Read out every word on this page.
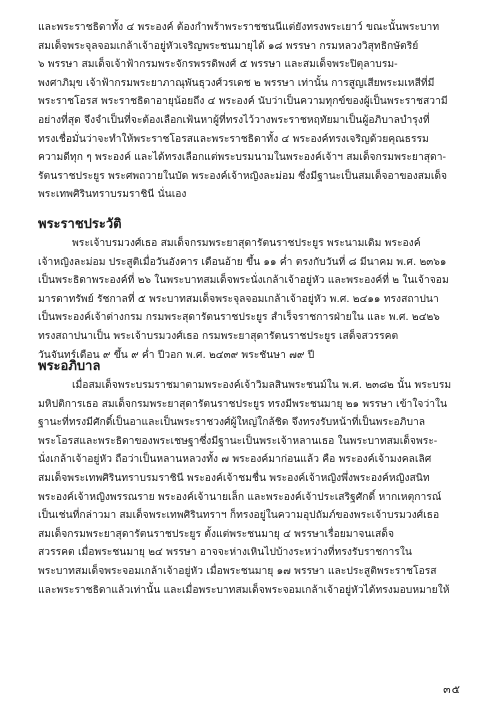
และพระราชธิดาทั้ง ๔ พระองค์ ต้องกำพร้าพระราชชนนีแต่ยังทรงพระเยาว์ ขณะนั้นพระบาท
สมเด็จพระจุลจอมเกล้าเจ้าอยู่หัวเจริญพระชนมายุได้ ๑๘ พรรษา กรมหลวงวิสุทธิกษัตริย์
๖ พรรษา สมเด็จเจ้าฟ้ากรมพระจักรพรรดิพงศ์ ๕ พรรษา และสมเด็จพระปิตุลาบรม-
พงศาภิมุข เจ้าฟ้ากรมพระยาภาณุพันธุวงศ์วรเดช ๒ พรรษา เท่านั้น การสูญเสียพระมเหสีที่มี
พระราชโอรส พระราชธิดาอายุน้อยถึง ๔ พระองค์ นับว่าเป็นความทุกข์ของผู้เป็นพระราชสวามี
อย่างที่สุด จึงจำเป็นที่จะต้องเลือกเฟ้นหาผู้ที่ทรงไว้วางพระราชหฤทัยมาเป็นผู้อภิบาลบำรุงที่
ทรงเชื่อมั่นว่าจะทำให้พระราชโอรสและพระราชธิดาทั้ง ๔ พระองค์ทรงเจริญด้วยคุณธรรม
ความดีทุก ๆ พระองค์ และได้ทรงเลือกแต่พระบรมนามในพระองค์เจ้าฯ สมเด็จกรมพระยาสุดา-
รัตนราชประยูร พระศพถวายในบัด พระองค์เจ้าหญิงละม่อม ซึ่งมีฐานะเป็นสมเด็จอาของสมเด็จ
พระเทพศิรินทราบรมราชินี นั่นเอง
พระราชประวัติ
พระเจ้าบรมวงศ์เธอ สมเด็จกรมพระยาสุดารัตนราชประยูร พระนามเดิม พระองค์
เจ้าหญิงละม่อม ประสูติเมื่อวันอังคาร เดือนอ้าย ขึ้น ๑๑ ค่ำ ตรงกับวันที่ ๘ มีนาคม พ.ศ. ๒๓๖๑
เป็นพระธิดาพระองค์ที่ ๒๖ ในพระบาทสมเด็จพระนั่งเกล้าเจ้าอยู่หัว และพระองค์ที่ ๒ ในเจ้าจอม
มารดาทรัพย์ รัชกาลที่ ๕ พระบาทสมเด็จพระจุลจอมเกล้าเจ้าอยู่หัว พ.ศ. ๒๔๑๑ ทรงสถาปนา
เป็นพระองค์เจ้าต่างกรม กรมพระสุดารัตนราชประยูร สำเร็จราชการฝ่ายใน และ พ.ศ. ๒๔๒๖
ทรงสถาปนาเป็น พระเจ้าบรมวงศ์เธอ กรมพระยาสุดารัตนราชประยูร เสด็จสวรรคต
วันจันทร์เดือน ๙ ขึ้น ๙ ค่ำ ปีวอก พ.ศ. ๒๔๓๙ พระชันษา ๗๙ ปี
พระอภิบาล
เมื่อสมเด็จพระบรมราชมาตามพระองค์เจ้าวิมลสินพระชนม์ใน พ.ศ. ๒๓๘๒ นั้น พระบรม
มหิปติการเธอ สมเด็จกรมพระยาสุดารัตนราชประยูร ทรงมีพระชนมายุ ๒๑ พรรษา เข้าใจว่าใน
ฐานะที่ทรงมีศักดิ์เป็นอาและเป็นพระราชวงศ์ผู้ใหญ่ใกล้ชิด จึงทรงรับหน้าที่เป็นพระอภิบาล
พระโอรสและพระธิดาของพระเชษฐาซึ่งมีฐานะเป็นพระเจ้าหลานเธอ ในพระบาทสมเด็จพระ-
นั่งเกล้าเจ้าอยู่หัว ถือว่าเป็นหลานหลวงทั้ง ๗ พระองค์มาก่อนแล้ว คือ พระองค์เจ้ามงคลเลิศ
สมเด็จพระเทพศิรินทราบรมราชินี พระองค์เจ้าชมชื่น พระองค์เจ้าหญิงพึ่งพระองค์หญิงสนิท
พระองค์เจ้าหญิงพรรณราย พระองค์เจ้านายเล็ก และพระองค์เจ้าประเสริฐศักดิ์ หากเหตุการณ์
เป็นเช่นที่กล่าวมา สมเด็จพระเทพศิรินทราฯ ก็ทรงอยู่ในความอุปถัมภ์ของพระเจ้าบรมวงศ์เธอ
สมเด็จกรมพระยาสุดารัตนราชประยูร ตั้งแต่พระชนมายุ ๔ พรรษาเรื่อยมาจนเสด็จ
สวรรคต เมื่อพระชนมายุ ๒๔ พรรษา อาจจะห่างเหินไปบ้างระหว่างที่ทรงรับราชการใน
พระบาทสมเด็จพระจอมเกล้าเจ้าอยู่หัว เมื่อพระชนมายุ ๑๗ พรรษา และประสูติพระราชโอรส
และพระราชธิดาแล้วเท่านั้น และเมื่อพระบาทสมเด็จพระจอมเกล้าเจ้าอยู่หัวได้ทรงมอบหมายให้
๓๕
